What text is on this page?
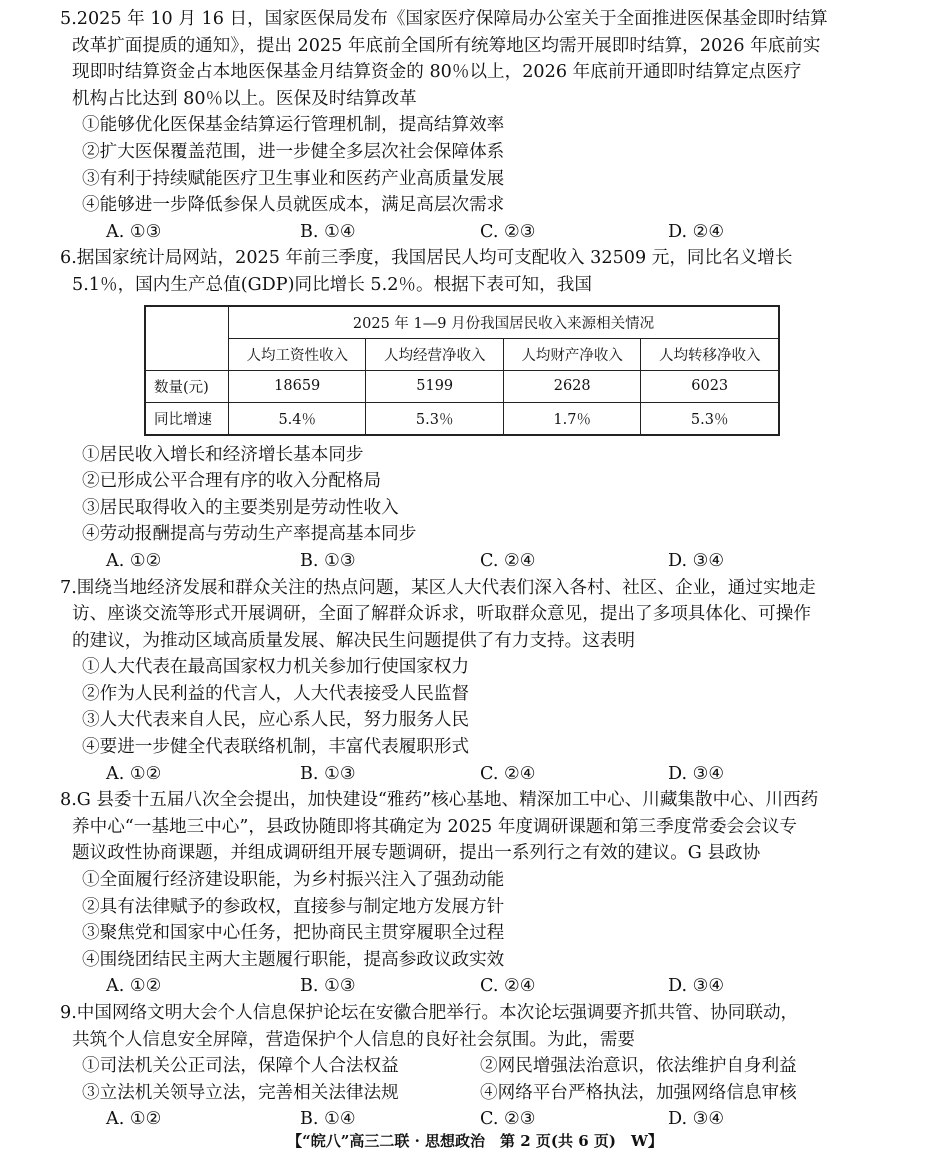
5.2025 年 10 月 16 日，国家医保局发布《国家医疗保障局办公室关于全面推进医保基金即时结算
改革扩面提质的通知》，提出 2025 年底前全国所有统筹地区均需开展即时结算，2026 年底前实
现即时结算资金占本地医保基金月结算资金的 80％以上，2026 年底前开通即时结算定点医疗
机构占比达到 80％以上。医保及时结算改革
①能够优化医保基金结算运行管理机制，提高结算效率
②扩大医保覆盖范围，进一步健全多层次社会保障体系
③有利于持续赋能医疗卫生事业和医药产业高质量发展
④能够进一步降低参保人员就医成本，满足高层次需求
A. ①③	B. ①④	C. ②③	D. ②④
6.据国家统计局网站，2025 年前三季度，我国居民人均可支配收入 32509 元，同比名义增长
5.1％，国内生产总值(GDP)同比增长 5.2％。根据下表可知，我国
	2025 年 1—9 月份我国居民收入来源相关情况			
	人均工资性收入	人均经营净收入	人均财产净收入	人均转移净收入
数量(元)	18659	5199	2628	6023
同比增速	5.4％	5.3％	1.7％	5.3％
①居民收入增长和经济增长基本同步
②已形成公平合理有序的收入分配格局
③居民取得收入的主要类别是劳动性收入
④劳动报酬提高与劳动生产率提高基本同步
A. ①②	B. ①③	C. ②④	D. ③④
7.围绕当地经济发展和群众关注的热点问题，某区人大代表们深入各村、社区、企业，通过实地走
访、座谈交流等形式开展调研，全面了解群众诉求，听取群众意见，提出了多项具体化、可操作
的建议，为推动区域高质量发展、解决民生问题提供了有力支持。这表明
①人大代表在最高国家权力机关参加行使国家权力
②作为人民利益的代言人，人大代表接受人民监督
③人大代表来自人民，应心系人民，努力服务人民
④要进一步健全代表联络机制，丰富代表履职形式
A. ①②	B. ①③	C. ②④	D. ③④
8.G 县委十五届八次全会提出，加快建设“雅药”核心基地、精深加工中心、川藏集散中心、川西药
养中心“一基地三中心”，县政协随即将其确定为 2025 年度调研课题和第三季度常委会会议专
题议政性协商课题，并组成调研组开展专题调研，提出一系列行之有效的建议。G 县政协
①全面履行经济建设职能，为乡村振兴注入了强劲动能
②具有法律赋予的参政权，直接参与制定地方发展方针
③聚焦党和国家中心任务，把协商民主贯穿履职全过程
④围绕团结民主两大主题履行职能，提高参政议政实效
A. ①②	B. ①③	C. ②④	D. ③④
9.中国网络文明大会个人信息保护论坛在安徽合肥举行。本次论坛强调要齐抓共管、协同联动，
共筑个人信息安全屏障，营造保护个人信息的良好社会氛围。为此，需要
①司法机关公正司法，保障个人合法权益	②网民增强法治意识，依法维护自身利益
③立法机关领导立法，完善相关法律法规	④网络平台严格执法，加强网络信息审核
A. ①②	B. ①④	C. ②③	D. ③④
【“皖八”高三二联 · 思想政治　第 2 页(共 6 页)　W】
